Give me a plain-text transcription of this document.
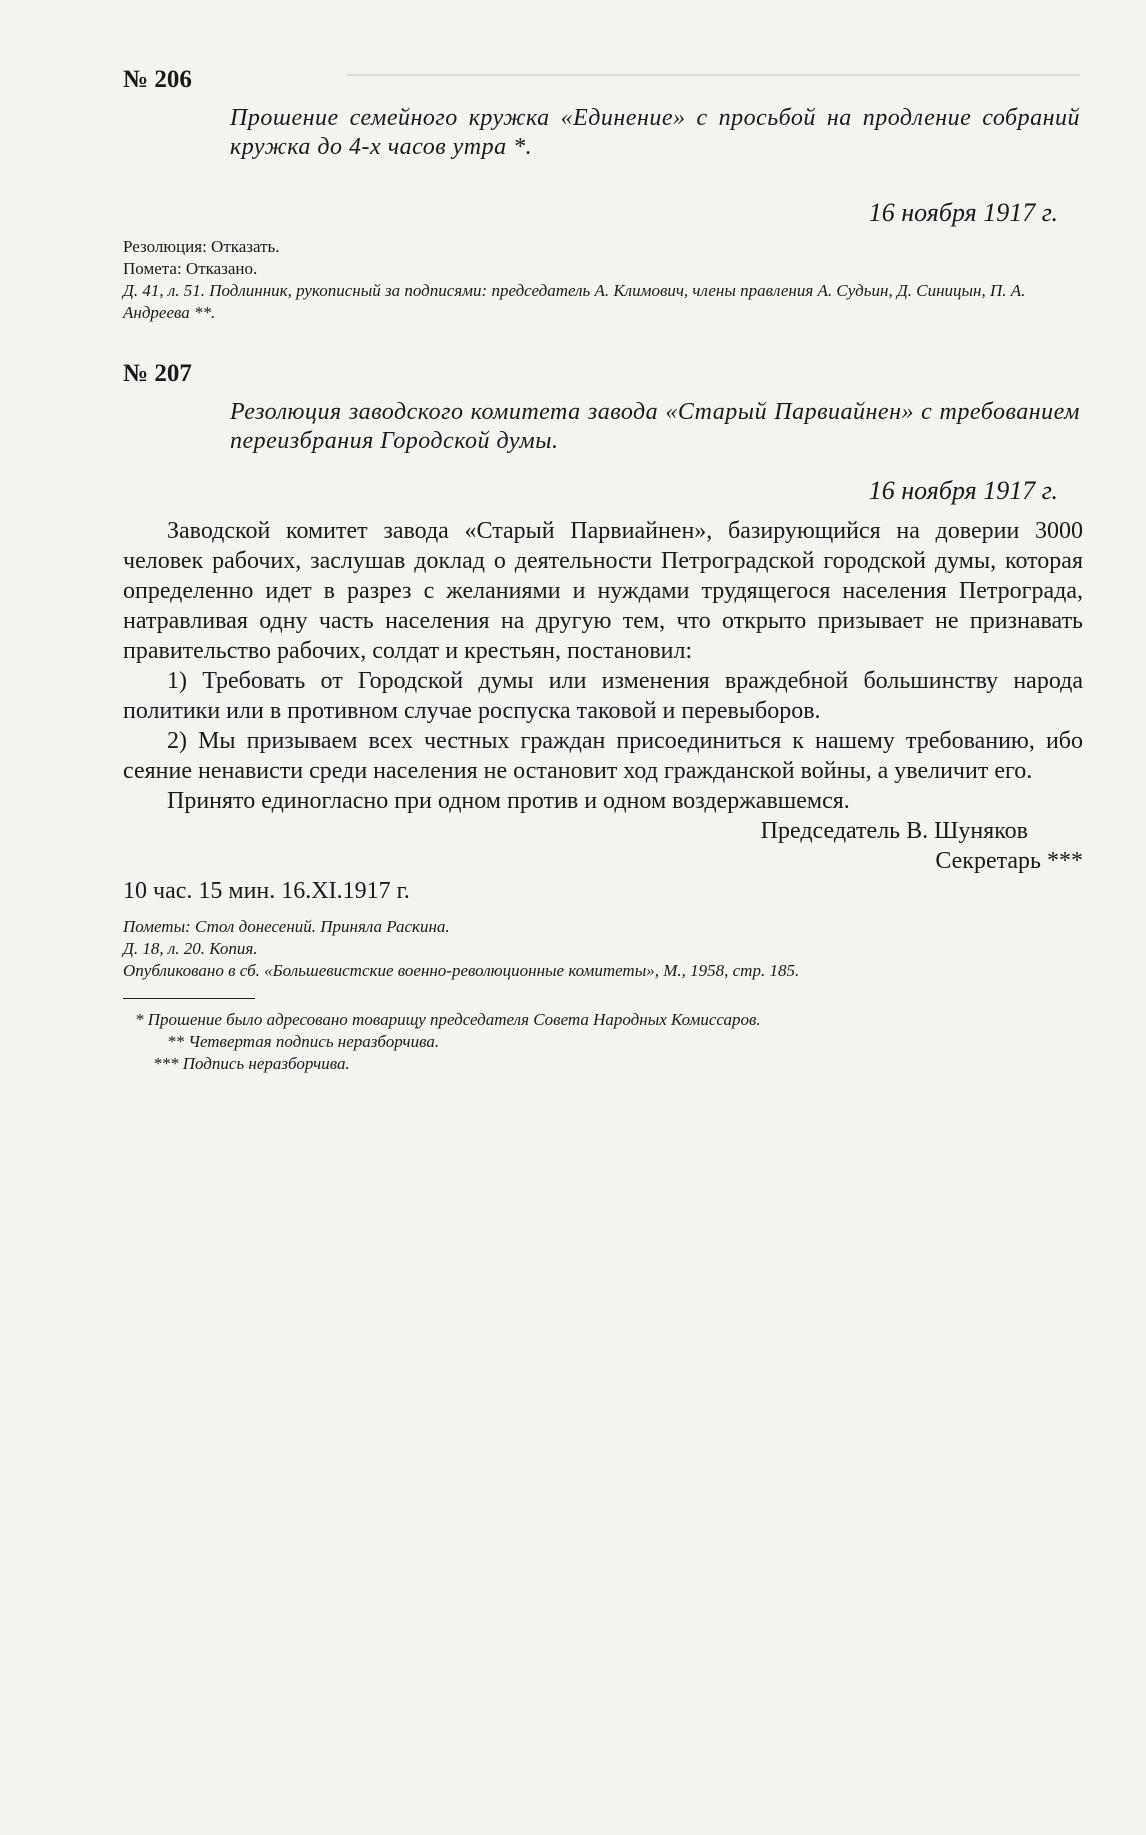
─────────────────────────────────────────────

№ 206

Прошение семейного кружка «Единение» с просьбой на продление собраний кружка до 4-х часов утра *.

16 ноября 1917 г.

Резолюция: Отказать.

Помета: Отказано.

Д. 41, л. 51. Подлинник, рукописный за подписями: председатель А. Климович, члены правления А. Судьин, Д. Синицын, П. А. Андреева **.

№ 207

Резолюция заводского комитета завода «Старый Парвиайнен» с требованием переизбрания Городской думы.

16 ноября 1917 г.

Заводской комитет завода «Старый Парвиайнен», базирующийся на доверии 3000 человек рабочих, заслушав доклад о деятельности Петроградской городской думы, которая определенно идет в разрез с желаниями и нуждами трудящегося населения Петрограда, натравливая одну часть населения на другую тем, что открыто призывает не признавать правительство рабочих, солдат и крестьян, постановил:

1) Требовать от Городской думы или изменения враждебной большинству народа политики или в противном случае роспуска таковой и перевыборов.

2) Мы призываем всех честных граждан присоединиться к нашему требованию, ибо сеяние ненависти среди населения не остановит ход гражданской войны, а увеличит его.

Принято единогласно при одном против и одном воздержавшемся.

Председатель В. Шуняков

Секретарь ***

10 час. 15 мин. 16.XI.1917 г.

Пометы: Стол донесений. Приняла Раскина.

Д. 18, л. 20. Копия.

Опубликовано в сб. «Большевистские военно-революционные комитеты», М., 1958, стр. 185.

* Прошение было адресовано товарищу председателя Совета Народных Комиссаров.

** Четвертая подпись неразборчива.

*** Подпись неразборчива.
